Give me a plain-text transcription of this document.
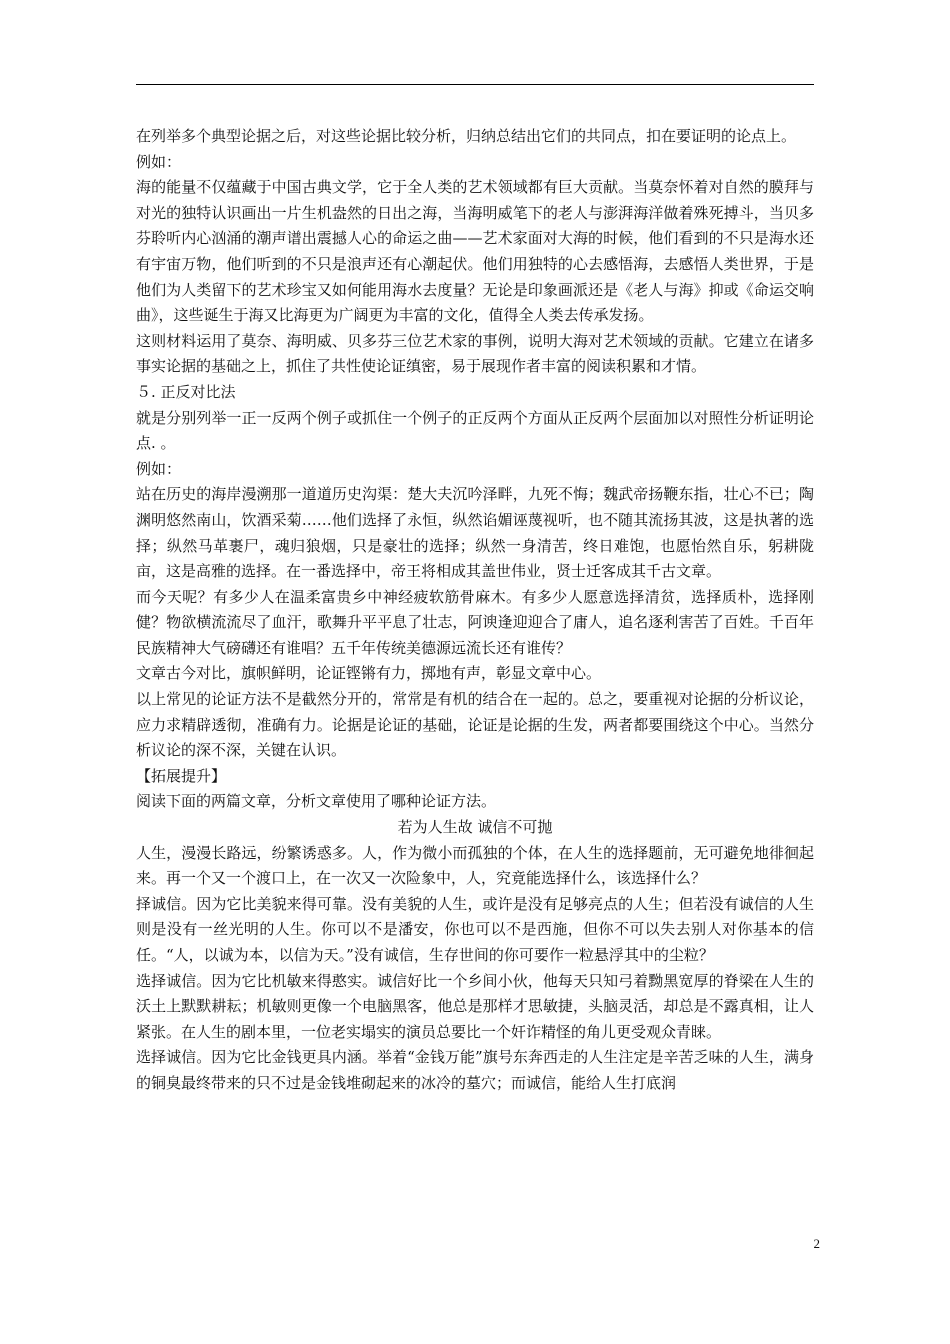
在列举多个典型论据之后，对这些论据比较分析，归纳总结出它们的共同点，扣在要证明的论点上。

例如：

海的能量不仅蕴藏于中国古典文学，它于全人类的艺术领域都有巨大贡献。当莫奈怀着对自然的膜拜与对光的独特认识画出一片生机盎然的日出之海，当海明威笔下的老人与澎湃海洋做着殊死搏斗，当贝多芬聆听内心汹涌的潮声谱出震撼人心的命运之曲——艺术家面对大海的时候，他们看到的不只是海水还有宇宙万物，他们听到的不只是浪声还有心潮起伏。他们用独特的心去感悟海，去感悟人类世界，于是他们为人类留下的艺术珍宝又如何能用海水去度量？无论是印象画派还是《老人与海》抑或《命运交响曲》，这些诞生于海又比海更为广阔更为丰富的文化，值得全人类去传承发扬。

这则材料运用了莫奈、海明威、贝多芬三位艺术家的事例，说明大海对艺术领域的贡献。它建立在诸多事实论据的基础之上，抓住了共性使论证缜密，易于展现作者丰富的阅读积累和才情。

５. 正反对比法

就是分别列举一正一反两个例子或抓住一个例子的正反两个方面从正反两个层面加以对照性分析证明论点. 。

例如：

站在历史的海岸漫溯那一道道历史沟渠：楚大夫沉吟泽畔，九死不悔；魏武帝扬鞭东指，壮心不已；陶渊明悠然南山，饮酒采菊……他们选择了永恒，纵然谄媚诬蔑视听，也不随其流扬其波，这是执著的选择；纵然马革裹尸，魂归狼烟，只是豪壮的选择；纵然一身清苦，终日难饱，也愿怡然自乐，躬耕陇亩，这是高雅的选择。在一番选择中，帝王将相成其盖世伟业，贤士迁客成其千古文章。

而今天呢？有多少人在温柔富贵乡中神经疲软筋骨麻木。有多少人愿意选择清贫，选择质朴，选择刚健？物欲横流流尽了血汗，歌舞升平平息了壮志，阿谀逢迎迎合了庸人，追名逐利害苦了百姓。千百年民族精神大气磅礴还有谁唱？五千年传统美德源远流长还有谁传？

文章古今对比，旗帜鲜明，论证铿锵有力，掷地有声，彰显文章中心。

以上常见的论证方法不是截然分开的，常常是有机的结合在一起的。总之，要重视对论据的分析议论，应力求精辟透彻，准确有力。论据是论证的基础，论证是论据的生发，两者都要围绕这个中心。当然分析议论的深不深，关键在认识。

【拓展提升】

阅读下面的两篇文章，分析文章使用了哪种论证方法。

若为人生故 诚信不可抛

人生，漫漫长路远，纷繁诱惑多。人，作为微小而孤独的个体，在人生的选择题前，无可避免地徘徊起来。再一个又一个渡口上，在一次又一次险象中，人，究竟能选择什么，该选择什么？

择诚信。因为它比美貌来得可靠。没有美貌的人生，或许是没有足够亮点的人生；但若没有诚信的人生则是没有一丝光明的人生。你可以不是潘安，你也可以不是西施，但你不可以失去别人对你基本的信任。“人，以诚为本，以信为天。”没有诚信，生存世间的你可要作一粒悬浮其中的尘粒？

选择诚信。因为它比机敏来得憨实。诚信好比一个乡间小伙，他每天只知弓着黝黑宽厚的脊梁在人生的沃土上默默耕耘；机敏则更像一个电脑黑客，他总是那样才思敏捷，头脑灵活，却总是不露真相，让人紧张。在人生的剧本里，一位老实塌实的演员总要比一个奸诈精怪的角儿更受观众青睐。

选择诚信。因为它比金钱更具内涵。举着“金钱万能”旗号东奔西走的人生注定是辛苦乏味的人生，满身的铜臭最终带来的只不过是金钱堆砌起来的冰冷的墓穴；而诚信，能给人生打底润

2
